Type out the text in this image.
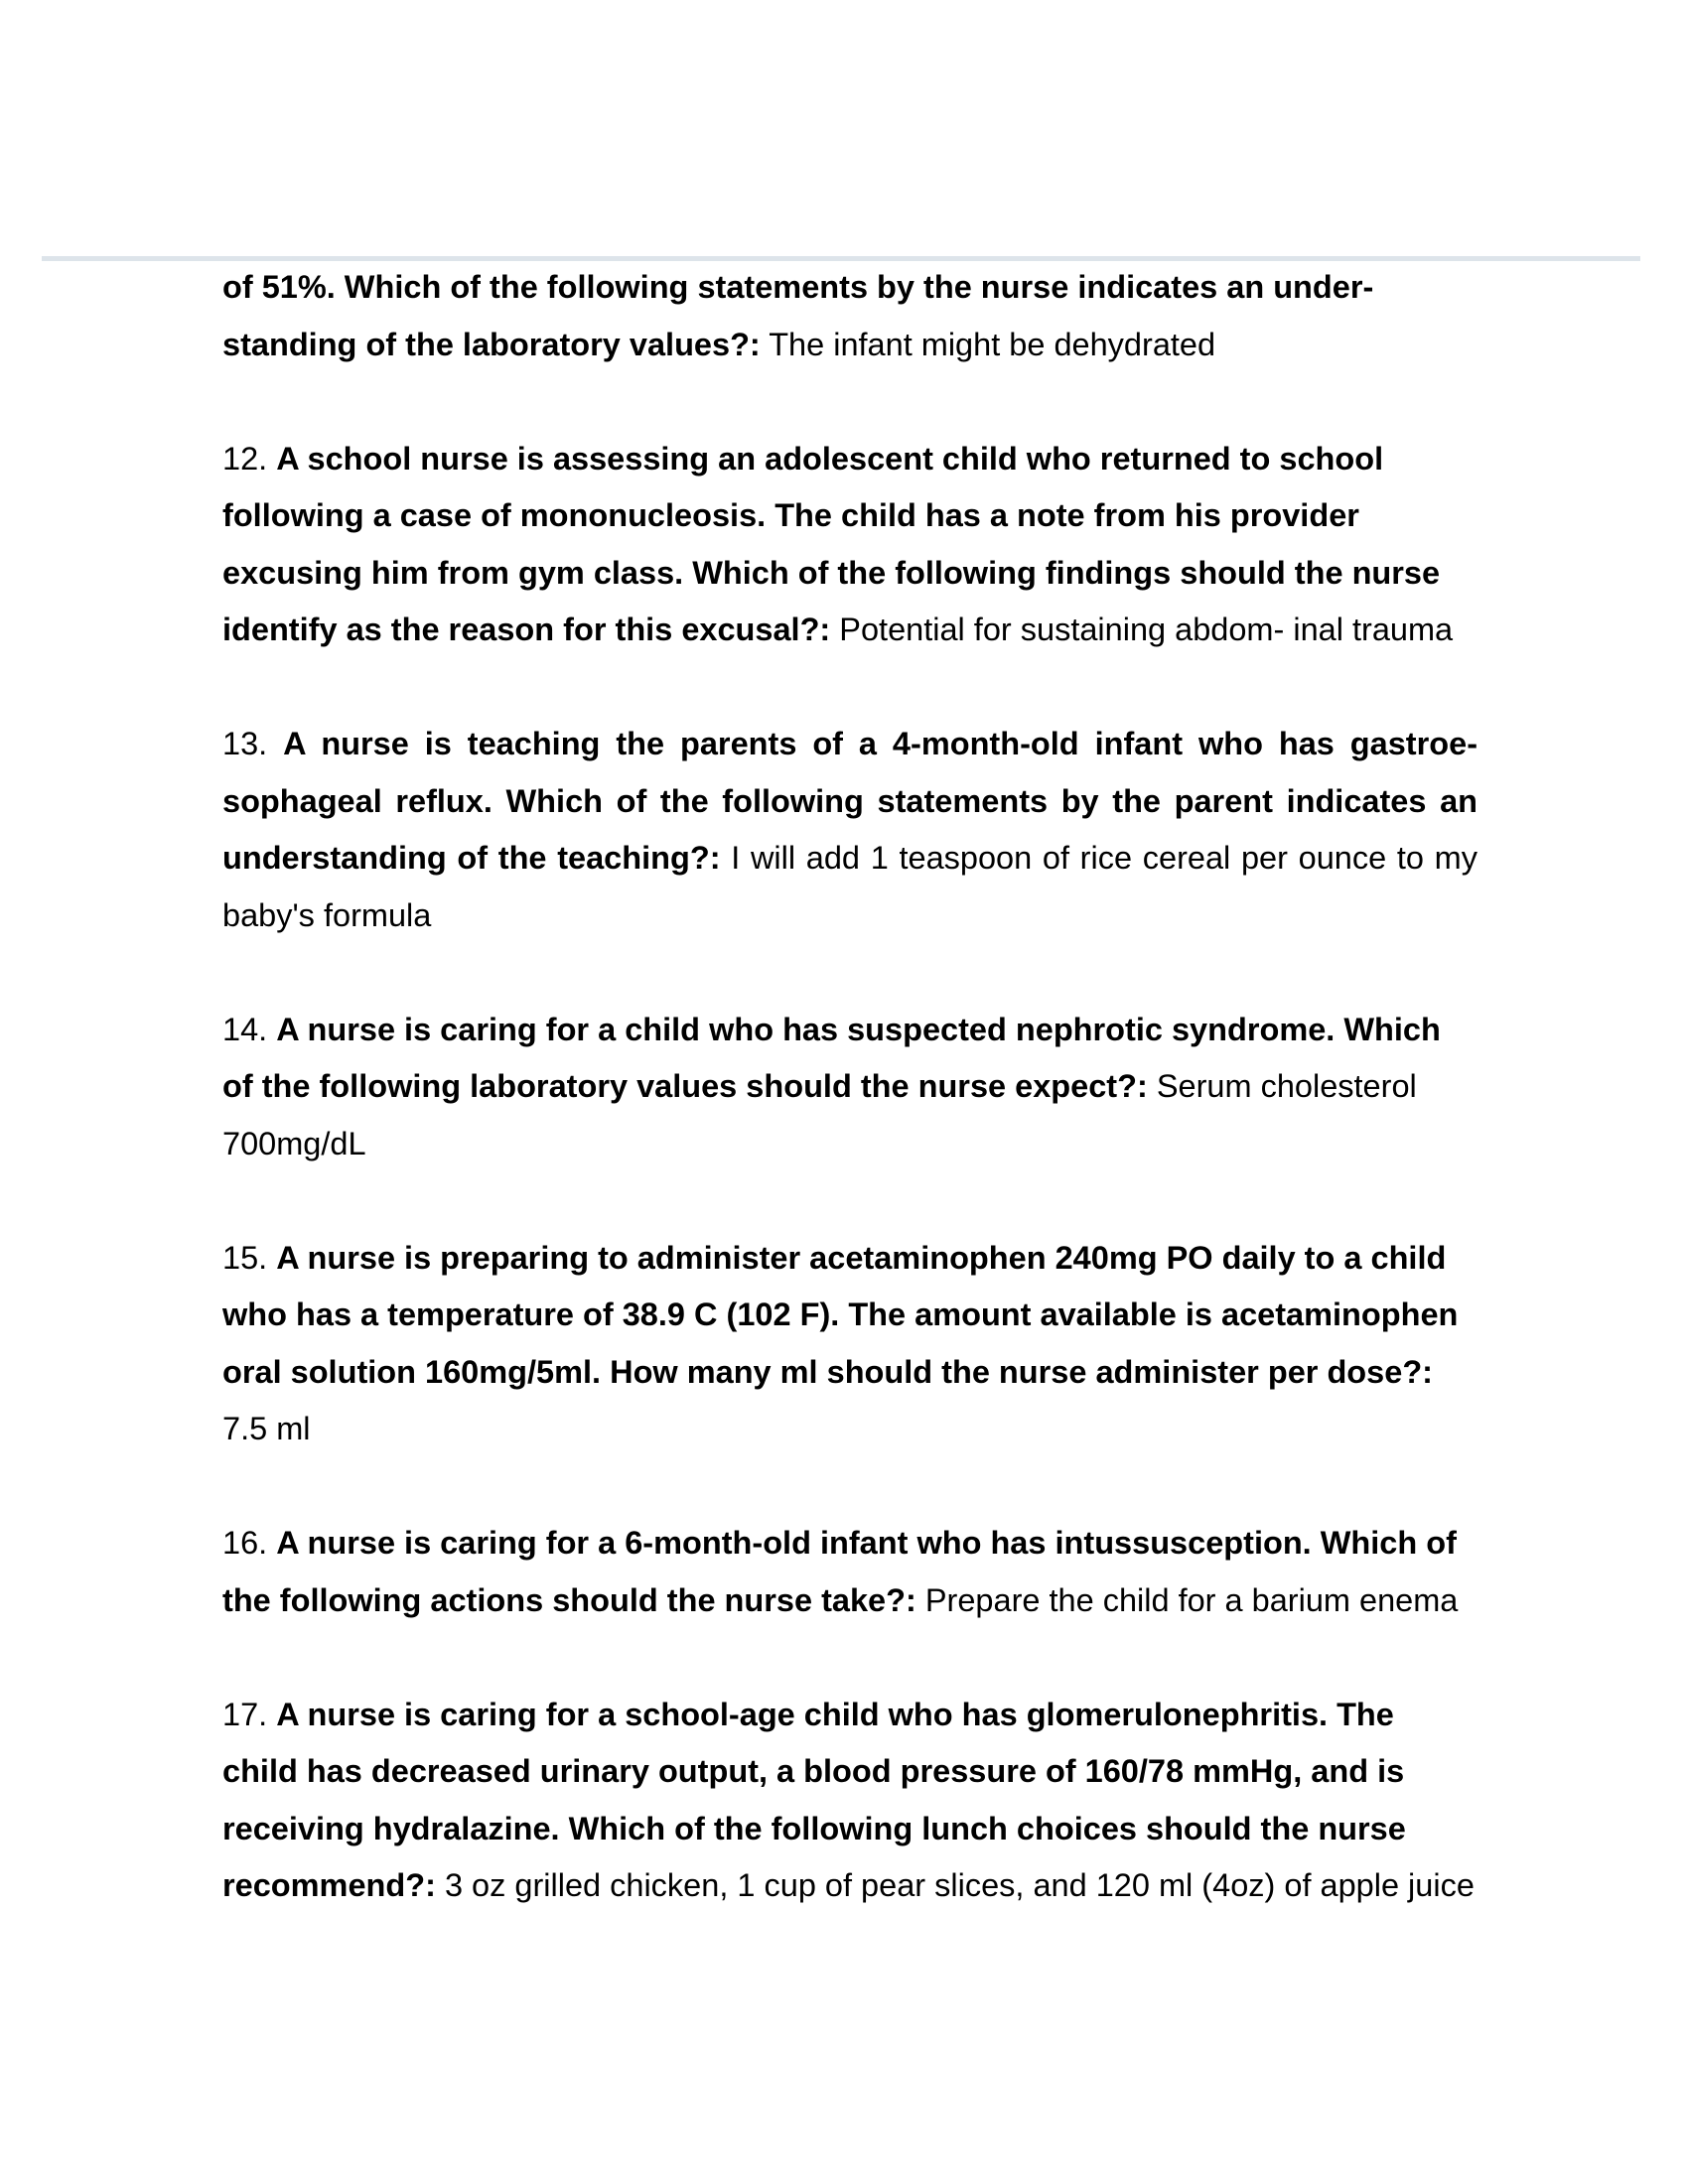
of 51%. Which of the following statements by the nurse indicates an under- standing of the laboratory values?: The infant might be dehydrated

12. A school nurse is assessing an adolescent child who returned to school following a case of mononucleosis. The child has a note from his provider excusing him from gym class. Which of the following findings should the nurse identify as the reason for this excusal?: Potential for sustaining abdom- inal trauma

13. A nurse is teaching the parents of a 4-month-old infant who has gastroe- sophageal reflux. Which of the following statements by the parent indicates an understanding of the teaching?: I will add 1 teaspoon of rice cereal per ounce to my baby's formula

14. A nurse is caring for a child who has suspected nephrotic syndrome. Which of the following laboratory values should the nurse expect?: Serum cholesterol 700mg/dL

15. A nurse is preparing to administer acetaminophen 240mg PO daily to a child who has a temperature of 38.9 C (102 F). The amount available is acetaminophen oral solution 160mg/5ml. How many ml should the nurse administer per dose?: 7.5 ml

16. A nurse is caring for a 6-month-old infant who has intussusception. Which of the following actions should the nurse take?: Prepare the child for a barium enema

17. A nurse is caring for a school-age child who has glomerulonephritis. The child has decreased urinary output, a blood pressure of 160/78 mmHg, and is receiving hydralazine. Which of the following lunch choices should the nurse recommend?: 3 oz grilled chicken, 1 cup of pear slices, and 120 ml (4oz) of apple juice
